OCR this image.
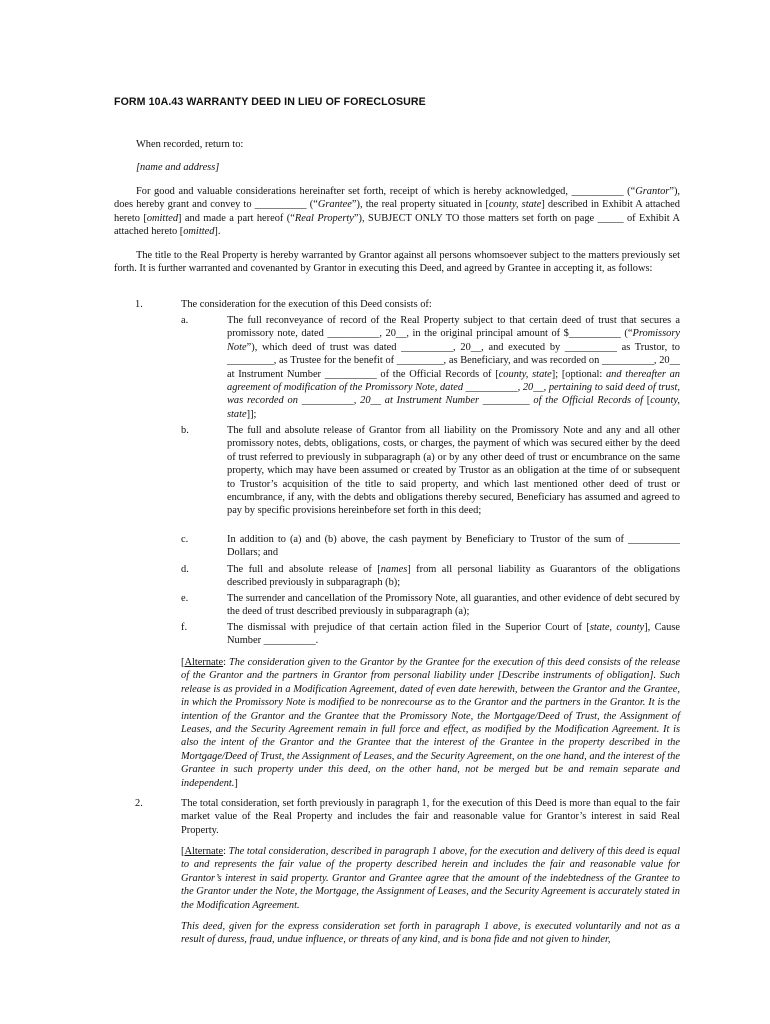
FORM 10A.43 WARRANTY DEED IN LIEU OF FORECLOSURE
When recorded, return to:
[name and address]
For good and valuable considerations hereinafter set forth, receipt of which is hereby acknowledged, __________ (“Grantor”), does hereby grant and convey to __________ (“Grantee”), the real property situated in [county, state] described in Exhibit A attached hereto [omitted] and made a part hereof (“Real Property”), SUBJECT ONLY TO those matters set forth on page _____ of Exhibit A attached hereto [omitted].
The title to the Real Property is hereby warranted by Grantor against all persons whomsoever subject to the matters previously set forth. It is further warranted and covenanted by Grantor in executing this Deed, and agreed by Grantee in accepting it, as follows:
1.	The consideration for the execution of this Deed consists of:
a.	The full reconveyance of record of the Real Property subject to that certain deed of trust that secures a promissory note, dated __________, 20__, in the original principal amount of $__________ (“Promissory Note”), which deed of trust was dated __________, 20__, and executed by __________ as Trustor, to _________, as Trustee for the benefit of _________, as Beneficiary, and was recorded on __________, 20__ at Instrument Number __________ of the Official Records of [county, state]; [optional: and thereafter an agreement of modification of the Promissory Note, dated __________, 20__, pertaining to said deed of trust, was recorded on __________, 20__ at Instrument Number _________ of the Official Records of [county, state]];
b.	The full and absolute release of Grantor from all liability on the Promissory Note and any and all other promissory notes, debts, obligations, costs, or charges, the payment of which was secured either by the deed of trust referred to previously in subparagraph (a) or by any other deed of trust or encumbrance on the same property, which may have been assumed or created by Trustor as an obligation at the time of or subsequent to Trustor’s acquisition of the title to said property, and which last mentioned other deed of trust or encumbrance, if any, with the debts and obligations thereby secured, Beneficiary has assumed and agreed to pay by specific provisions hereinbefore set forth in this deed;
c.	In addition to (a) and (b) above, the cash payment by Beneficiary to Trustor of the sum of __________ Dollars; and
d.	The full and absolute release of [names] from all personal liability as Guarantors of the obligations described previously in subparagraph (b);
e.	The surrender and cancellation of the Promissory Note, all guaranties, and other evidence of debt secured by the deed of trust described previously in subparagraph (a);
f.	The dismissal with prejudice of that certain action filed in the Superior Court of [state, county], Cause Number __________.
[Alternate: The consideration given to the Grantor by the Grantee for the execution of this deed consists of the release of the Grantor and the partners in Grantor from personal liability under [Describe instruments of obligation]. Such release is as provided in a Modification Agreement, dated of even date herewith, between the Grantor and the Grantee, in which the Promissory Note is modified to be nonrecourse as to the Grantor and the partners in the Grantor. It is the intention of the Grantor and the Grantee that the Promissory Note, the Mortgage/Deed of Trust, the Assignment of Leases, and the Security Agreement remain in full force and effect, as modified by the Modification Agreement. It is also the intent of the Grantor and the Grantee that the interest of the Grantee in the property described in the Mortgage/Deed of Trust, the Assignment of Leases, and the Security Agreement, on the one hand, and the interest of the Grantee in such property under this deed, on the other hand, not be merged but be and remain separate and independent.]
2.	The total consideration, set forth previously in paragraph 1, for the execution of this Deed is more than equal to the fair market value of the Real Property and includes the fair and reasonable value for Grantor’s interest in said Real Property.
[Alternate: The total consideration, described in paragraph 1 above, for the execution and delivery of this deed is equal to and represents the fair value of the property described herein and includes the fair and reasonable value for Grantor’s interest in said property. Grantor and Grantee agree that the amount of the indebtedness of the Grantee to the Grantor under the Note, the Mortgage, the Assignment of Leases, and the Security Agreement is accurately stated in the Modification Agreement.
This deed, given for the express consideration set forth in paragraph 1 above, is executed voluntarily and not as a result of duress, fraud, undue influence, or threats of any kind, and is bona fide and not given to hinder,
